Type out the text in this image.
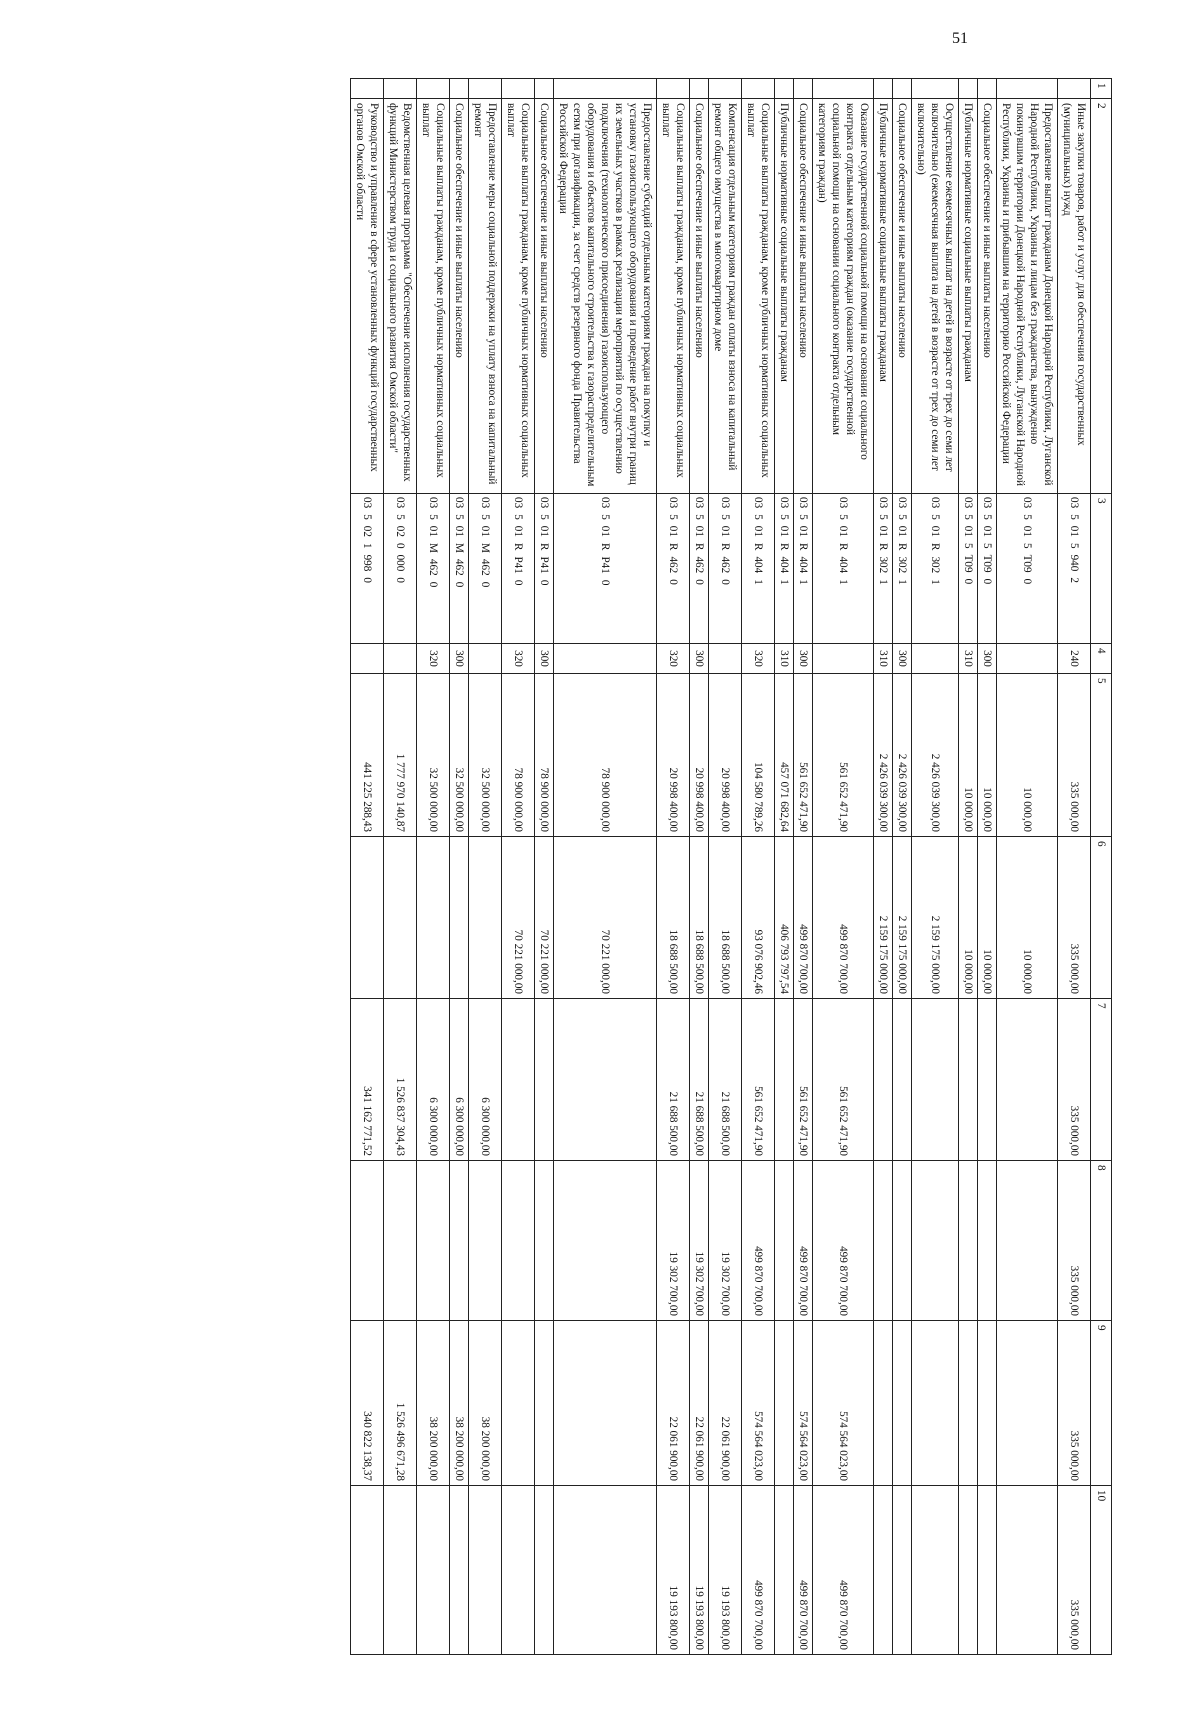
51
1	2	3	4	5	6	7	8	9	10
	Иные закупки товаров, работ и услуг для обеспечения государственных (муниципальных) нужд	0350159402	240	335 000,00	335 000,00	335 000,00	335 000,00	335 000,00	335 000,00
	Предоставление выплат гражданам Донецкой Народной Республики, Луганской Народной Республики, Украины и лицам без гражданства, вынужденно покинувшим территории Донецкой Народной Республики, Луганской Народной Республики, Украины и прибывшим на территорию Российской Федерации	035015T090		10 000,00	10 000,00				
	Социальное обеспечение и иные выплаты населению	035015T090	300	10 000,00	10 000,00				
	Публичные нормативные социальные выплаты гражданам	035015T090	310	10 000,00	10 000,00				
	Осуществление ежемесячных выплат на детей в возрасте от трех до семи лет включительно (ежемесячная выплата на детей в возрасте от трех до семи лет включительно)	03501R3021		2 426 039 300,00	2 159 175 000,00				
	Социальное обеспечение и иные выплаты населению	03501R3021	300	2 426 039 300,00	2 159 175 000,00				
	Публичные нормативные социальные выплаты гражданам	03501R3021	310	2 426 039 300,00	2 159 175 000,00				
	Оказание государственной социальной помощи на основании социального контракта отдельным категориям граждан (оказание государственной социальной помощи на основании социального контракта отдельным категориям граждан)	03501R4041		561 652 471,90	499 870 700,00	561 652 471,90	499 870 700,00	574 564 023,00	499 870 700,00
	Социальное обеспечение и иные выплаты населению	03501R4041	300	561 652 471,90	499 870 700,00	561 652 471,90	499 870 700,00	574 564 023,00	499 870 700,00
	Публичные нормативные социальные выплаты гражданам	03501R4041	310	457 071 682,64	406 793 797,54				
	Социальные выплаты гражданам, кроме публичных нормативных социальных выплат	03501R4041	320	104 580 789,26	93 076 902,46	561 652 471,90	499 870 700,00	574 564 023,00	499 870 700,00
	Компенсация отдельным категориям граждан оплаты взноса на капитальный ремонт общего имущества в многоквартирном доме	03501R4620		20 998 400,00	18 688 500,00	21 688 500,00	19 302 700,00	22 061 900,00	19 193 800,00
	Социальное обеспечение и иные выплаты населению	03501R4620	300	20 998 400,00	18 688 500,00	21 688 500,00	19 302 700,00	22 061 900,00	19 193 800,00
	Социальные выплаты гражданам, кроме публичных нормативных социальных выплат	03501R4620	320	20 998 400,00	18 688 500,00	21 688 500,00	19 302 700,00	22 061 900,00	19 193 800,00
	Предоставление субсидий отдельным категориям граждан на покупку и установку газоиспользующего оборудования и проведение работ внутри границ их земельных участков в рамках реализации мероприятий по осуществлению подключения (технологического присоединения) газоиспользующего оборудования и объектов капитального строительства к газораспределительным сетям при догазификации, за счет средств резервного фонда Правительства Российской Федерации	03501RP410		78 900 000,00	70 221 000,00				
	Социальное обеспечение и иные выплаты населению	03501RP410	300	78 900 000,00	70 221 000,00				
	Социальные выплаты гражданам, кроме публичных нормативных социальных выплат	03501RP410	320	78 900 000,00	70 221 000,00				
	Предоставление меры социальной поддержки на уплату взноса на капитальный ремонт	03501M4620		32 500 000,00		6 300 000,00		38 200 000,00	
	Социальное обеспечение и иные выплаты населению	03501M4620	300	32 500 000,00		6 300 000,00		38 200 000,00	
	Социальные выплаты гражданам, кроме публичных нормативных социальных выплат	03501M4620	320	32 500 000,00		6 300 000,00		38 200 000,00	
	Ведомственная целевая программа "Обеспечение исполнения государственных функций Министерством труда и социального развития Омской области"	0350200000		1 777 970 140,87		1 526 837 304,43		1 526 496 671,28	
	Руководство и управление в сфере установленных функций государственных органов Омской области	0350219980		441 225 288,43		341 162 771,52		340 822 138,37	
